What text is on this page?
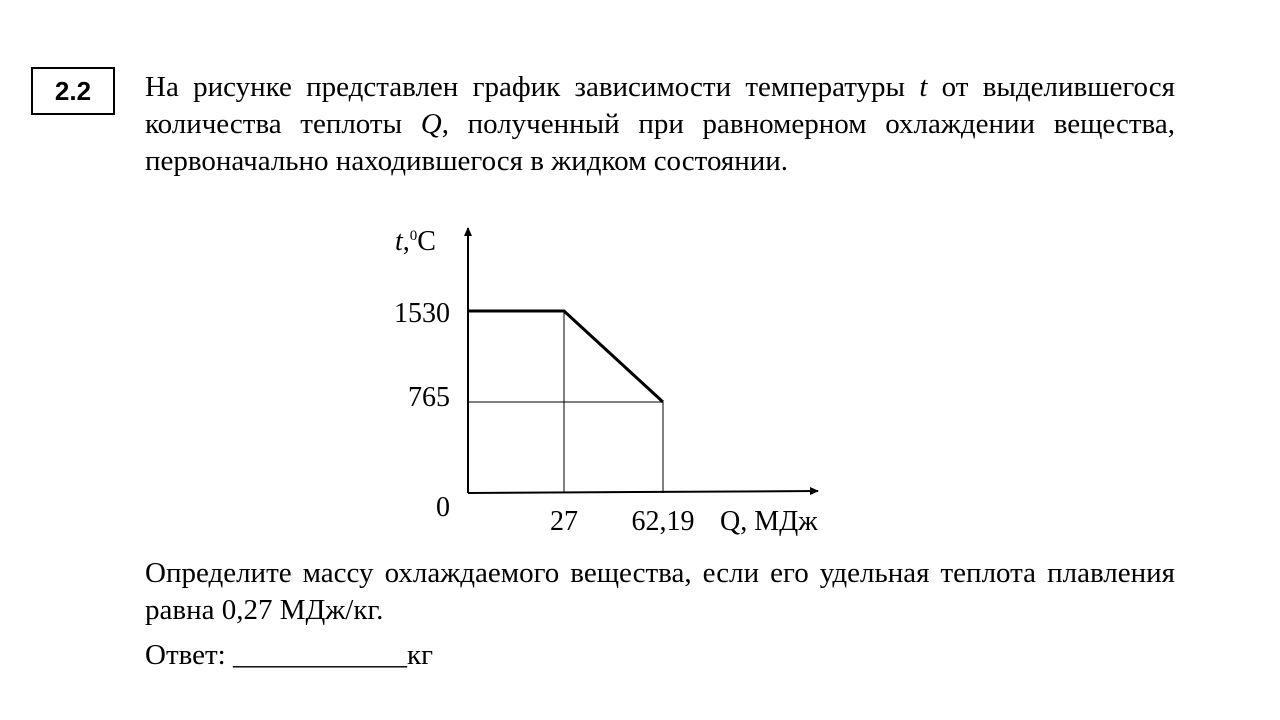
2.2 На рисунке представлен график зависимости температуры t от выделившегося количества теплоты Q, полученный при равномерном охлаждении вещества, первоначально находившегося в жидком состоянии.
t,$^0$C
1530
765
0	27 62,19 Q, МДж
Определите массу охлаждаемого вещества, если его удельная теплота плавления равна 0,27 МДж/кг.
Ответ: ____________кг
